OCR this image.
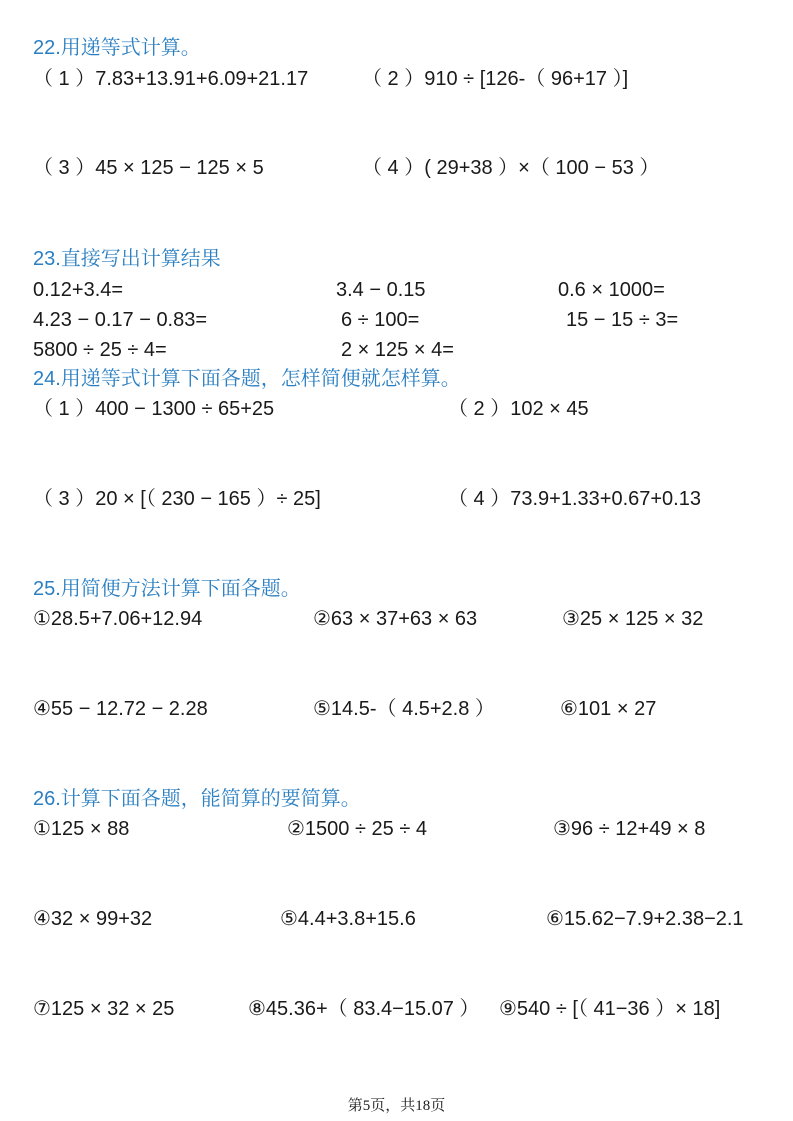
22.用递等式计算。
（ 1 ）7.83+13.91+6.09+21.17	（ 2 ）910 ÷ [126-（ 96+17 ）]
（ 3 ）45 × 125 − 125 × 5	（ 4 ）( 29+38 ）×（ 100 − 53 ）
23.直接写出计算结果
0.12+3.4=	3.4 − 0.15	0.6 × 1000=
4.23 − 0.17 − 0.83=	6 ÷ 100=	15 − 15 ÷ 3=
5800 ÷ 25 ÷ 4=	2 × 125 × 4=
24.用递等式计算下面各题，怎样简便就怎样算。
（ 1 ）400 − 1300 ÷ 65+25	（ 2 ）102 × 45
（ 3 ）20 × [（ 230 − 165 ）÷ 25]	（ 4 ）73.9+1.33+0.67+0.13
25.用简便方法计算下面各题。
①28.5+7.06+12.94	②63 × 37+63 × 63	③25 × 125 × 32
④55 − 12.72 − 2.28	⑤14.5-（ 4.5+2.8 ）	⑥101 × 27
26.计算下面各题，能简算的要简算。
①125 × 88	②1500 ÷ 25 ÷ 4	③96 ÷ 12+49 × 8
④32 × 99+32	⑤4.4+3.8+15.6	⑥15.62−7.9+2.38−2.1
⑦125 × 32 × 25	⑧45.36+（ 83.4−15.07 ） ⑨540 ÷ [（ 41−36 ）× 18]
第5页，共18页
